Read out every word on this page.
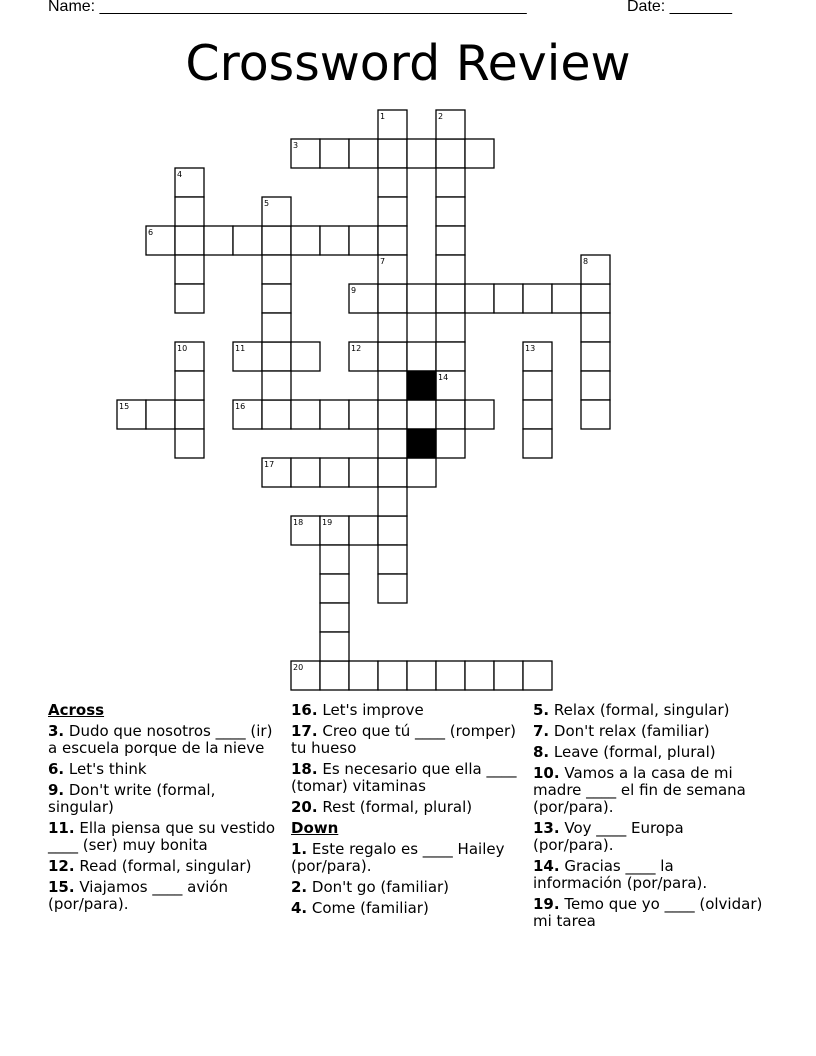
Name: ________________________________________________	Date: _______
Crossword Review
1	2
3
4
5
6
7	8
9
10	11	12	13
14
15	16
17
18 19
20
Across
3. Dudo que nosotros ____ (ir) a escuela porque de la nieve
6. Let's think
9. Don't write (formal, singular)
11. Ella piensa que su vestido ____ (ser) muy bonita
12. Read (formal, singular)
15. Viajamos ____ avión (por/para).
16. Let's improve
17. Creo que tú ____ (romper) tu hueso
18. Es necesario que ella ____ (tomar) vitaminas
20. Rest (formal, plural)
Down
1. Este regalo es ____ Hailey (por/para).
2. Don't go (familiar)
4. Come (familiar)
5. Relax (formal, singular)
7. Don't relax (familiar)
8. Leave (formal, plural)
10. Vamos a la casa de mi madre ____ el fin de semana (por/para).
13. Voy ____ Europa (por/para).
14. Gracias ____ la información (por/para).
19. Temo que yo ____ (olvidar) mi tarea
